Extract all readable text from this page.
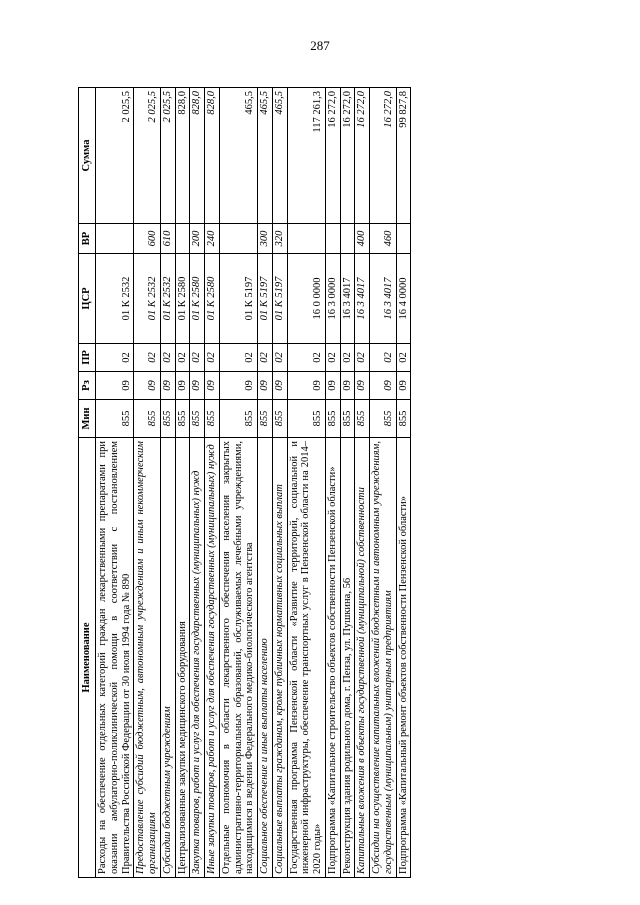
287
Наименование	Мин	Рз	ПР	ЦСР	ВР	Сумма
Расходы на обеспечение отдельных категорий граждан лекарственными препаратами при оказании амбулаторно-поликлинической помощи в соответствии с постановлением Правительства Российской Федерации от 30 июля 1994 года № 890	855	09	02	01 К 2532		2 025,5
Предоставление субсидий бюджетным, автономным учреждениям и иным некоммерческим организациям	855	09	02	01 К 2532	600	2 025,5
Субсидии бюджетным учреждениям	855	09	02	01 К 2532	610	2 025,5
Централизованные закупки медицинского оборудования	855	09	02	01 К 2580		828,0
Закупка товаров, работ и услуг для обеспечения государственных (муниципальных) нужд	855	09	02	01 К 2580	200	828,0
Иные закупки товаров, работ и услуг для обеспечения государственных (муниципальных) нужд	855	09	02	01 К 2580	240	828,0
Отдельные полномочия в области лекарственного обеспечения населения закрытых административно-территориальных образований, обслуживаемых лечебными учреждениями, находящимися в ведении Федерального медико-биологического агентства	855	09	02	01 К 5197		465,5
Социальное обеспечение и иные выплаты населению	855	09	02	01 К 5197	300	465,5
Социальные выплаты гражданам, кроме публичных нормативных социальных выплат	855	09	02	01 К 5197	320	465,5
Государственная программа Пензенской области «Развитие территорий, социальной и инженерной инфраструктуры, обеспечение транспортных услуг в Пензенской области на 2014–2020 годы»	855	09	02	16 0 0000		117 261,3
Подпрограмма «Капитальное строительство объектов собственности Пензенской области»	855	09	02	16 3 0000		16 272,0
Реконструкция здания родильного дома, г. Пенза, ул. Пушкина, 56	855	09	02	16 3 4017		16 272,0
Капитальные вложения в объекты государственной (муниципальной) собственности	855	09	02	16 3 4017	400	16 272,0
Субсидии на осуществление капитальных вложений бюджетным и автономным учреждениям, государственным (муниципальным) унитарным предприятиям	855	09	02	16 3 4017	460	16 272,0
Подпрограмма «Капитальный ремонт объектов собственности Пензенской области»	855	09	02	16 4 0000		99 827,8
